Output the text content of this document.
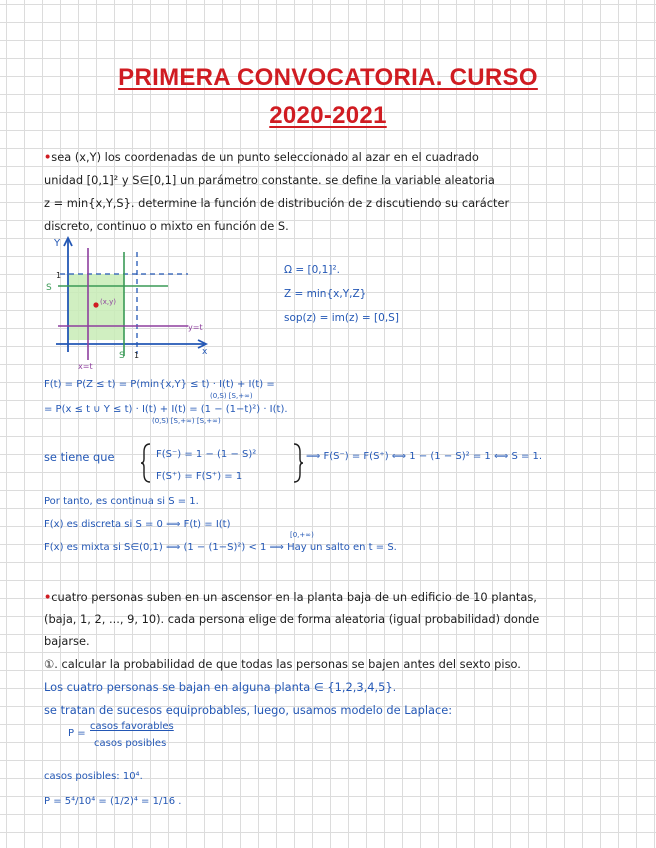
PRIMERA CONVOCATORIA. CURSO
2020-2021
•sea (x,Y) los coordenadas de un punto seleccionado al azar en el cuadrado
unidad [0,1]² y S∈[0,1] un parámetro constante. se define la variable aleatoria
z = min{x,Y,S}. determine la función de distribución de z discutiendo su carácter
discreto, continuo o mixto en función de S.
(x,y)
Y
x
1
S
S 1
y=t
x=t
Ω = [0,1]².
Z = min{x,Y,Z}
sop(z) = im(z) = [0,S]
F(t) = P(Z ≤ t) = P(min{x,Y} ≤ t) · I(t) + I(t) =
(0,S) [S,+∞)
= P(x ≤ t ∪ Y ≤ t) · I(t) + I(t) = (1 − (1−t)²) · I(t).
(0,S) [S,+∞) [S,+∞)
se tiene que	F(S⁻) = 1 − (1 − S)²
F(S⁺) = F(S⁺) = 1
⟹ F(S⁻) = F(S⁺) ⟺ 1 − (1 − S)² = 1 ⟺ S = 1.
Por tanto, es continua si S = 1.
F(x) es discreta si S = 0 ⟹ F(t) = I(t)
[0,+∞)
F(x) es mixta si S∈(0,1) ⟹ (1 − (1−S)²) < 1 ⟹ Hay un salto en t = S.
•cuatro personas suben en un ascensor en la planta baja de un edificio de 10 plantas,
(baja, 1, 2, ..., 9, 10). cada persona elige de forma aleatoria (igual probabilidad) donde
bajarse.
①. calcular la probabilidad de que todas las personas se bajen antes del sexto piso.
Los cuatro personas se bajan en alguna planta ∈ {1,2,3,4,5}.
se tratan de sucesos equiprobables, luego, usamos modelo de Laplace:
P =
casos favorables
casos posibles
casos posibles: 10⁴.
P = 5⁴/10⁴ = (1/2)⁴ = 1/16 .
